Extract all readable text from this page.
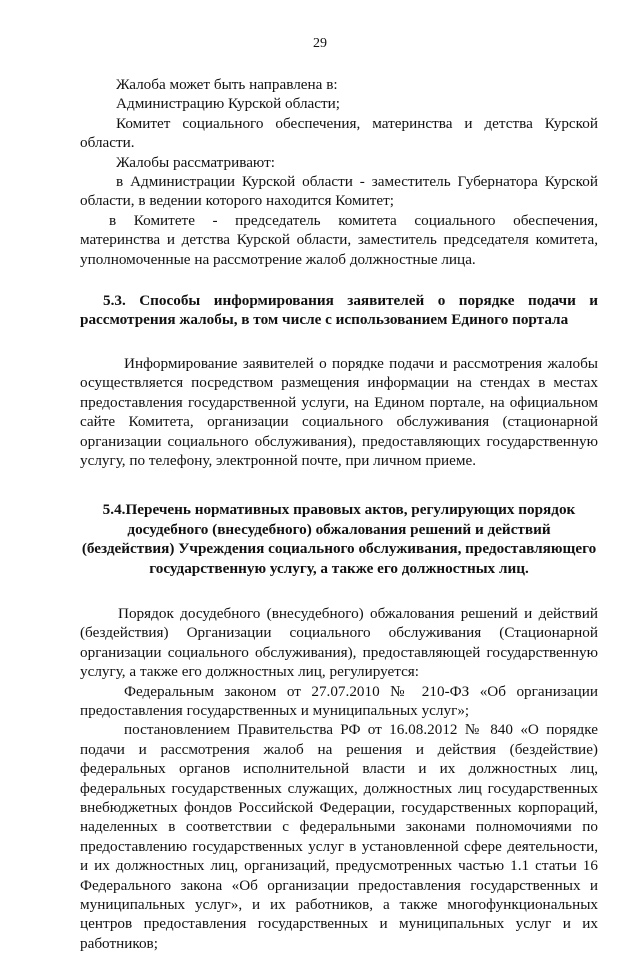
29

Жалоба может быть направлена в:

Администрацию Курской области;

Комитет социального обеспечения, материнства и детства Курской области.

Жалобы рассматривают:

в Администрации Курской области - заместитель Губернатора Курской области, в ведении которого находится Комитет;

в Комитете - председатель комитета социального обеспечения, материнства и детства Курской области, заместитель председателя комитета, уполномоченные на рассмотрение жалоб должностные лица.

5.3. Способы информирования заявителей о порядке подачи и рассмотрения жалобы, в том числе с использованием Единого портала

Информирование заявителей о порядке подачи и рассмотрения жалобы осуществляется посредством размещения информации на стендах в местах предоставления государственной услуги, на Едином портале, на официальном сайте Комитета, организации социального обслуживания (стационарной организации социального обслуживания), предоставляющих государственную услугу, по телефону, электронной почте, при личном приеме.

5.4.Перечень нормативных правовых актов, регулирующих порядок досудебного (внесудебного) обжалования решений и действий (бездействия) Учреждения социального обслуживания, предоставляющего государственную услугу, а также его должностных лиц.

Порядок досудебного (внесудебного) обжалования решений и действий (бездействия) Организации социального обслуживания (Стационарной организации социального обслуживания), предоставляющей государственную услугу, а также его должностных лиц, регулируется:

Федеральным законом от 27.07.2010 № 210-ФЗ «Об организации предоставления государственных и муниципальных услуг»;

постановлением Правительства РФ от 16.08.2012 № 840 «О порядке подачи и рассмотрения жалоб на решения и действия (бездействие) федеральных органов исполнительной власти и их должностных лиц, федеральных государственных служащих, должностных лиц государственных внебюджетных фондов Российской Федерации, государственных корпораций, наделенных в соответствии с федеральными законами полномочиями по предоставлению государственных услуг в установленной сфере деятельности, и их должностных лиц, организаций, предусмотренных частью 1.1 статьи 16 Федерального закона «Об организации предоставления государственных и муниципальных услуг», и их работников, а также многофункциональных центров предоставления государственных и муниципальных услуг и их работников;
